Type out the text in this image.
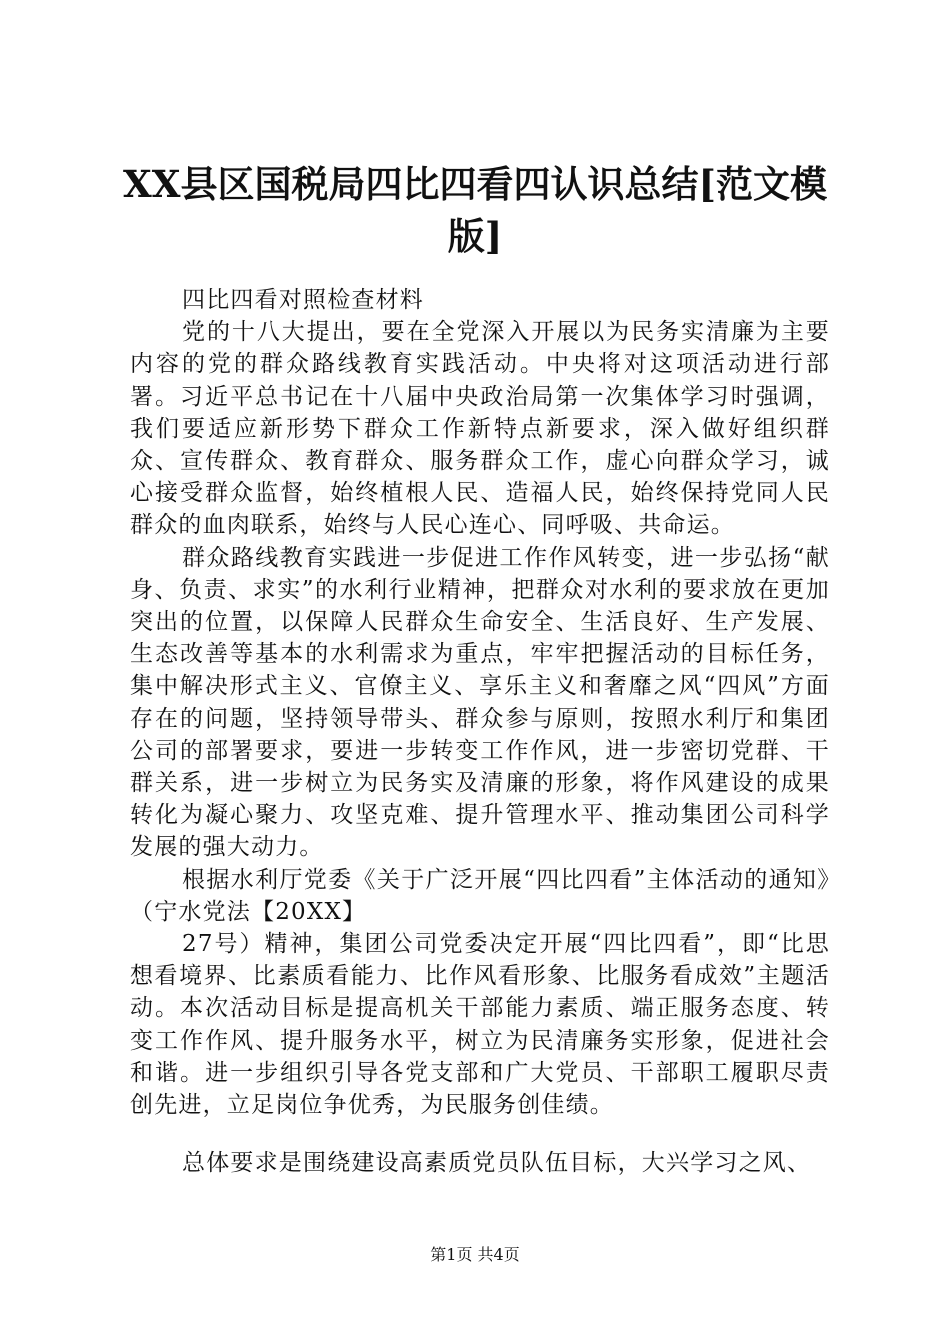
XX县区国税局四比四看四认识总结[范文模版]

四比四看对照检查材料

党的十八大提出，要在全党深入开展以为民务实清廉为主要内容的党的群众路线教育实践活动。中央将对这项活动进行部署。习近平总书记在十八届中央政治局第一次集体学习时强调，我们要适应新形势下群众工作新特点新要求，深入做好组织群众、宣传群众、教育群众、服务群众工作，虚心向群众学习，诚心接受群众监督，始终植根人民、造福人民，始终保持党同人民群众的血肉联系，始终与人民心连心、同呼吸、共命运。

群众路线教育实践进一步促进工作作风转变，进一步弘扬“献身、负责、求实”的水利行业精神，把群众对水利的要求放在更加突出的位置，以保障人民群众生命安全、生活良好、生产发展、生态改善等基本的水利需求为重点，牢牢把握活动的目标任务，集中解决形式主义、官僚主义、享乐主义和奢靡之风“四风”方面存在的问题，坚持领导带头、群众参与原则，按照水利厅和集团公司的部署要求，要进一步转变工作作风，进一步密切党群、干群关系，进一步树立为民务实及清廉的形象，将作风建设的成果转化为凝心聚力、攻坚克难、提升管理水平、推动集团公司科学发展的强大动力。

根据水利厅党委《关于广泛开展“四比四看”主体活动的通知》（宁水党法【20XX】

27号）精神，集团公司党委决定开展“四比四看”，即“比思想看境界、比素质看能力、比作风看形象、比服务看成效”主题活动。本次活动目标是提高机关干部能力素质、端正服务态度、转变工作作风、提升服务水平，树立为民清廉务实形象，促进社会和谐。进一步组织引导各党支部和广大党员、干部职工履职尽责创先进，立足岗位争优秀，为民服务创佳绩。

总体要求是围绕建设高素质党员队伍目标，大兴学习之风、

第1页 共4页
